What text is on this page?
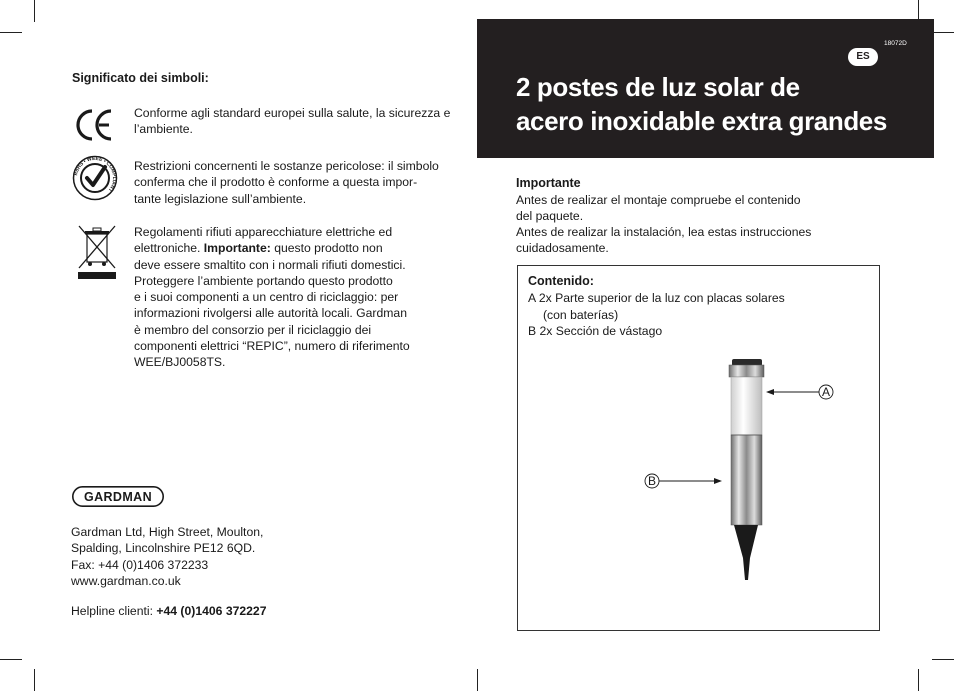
Significato dei simboli:
Conforme agli standard europei sulla salute, la sicurezza e l’ambiente.
RoHS • WEEE • COMPLIANT
Restrizioni concernenti le sostanze pericolose: il simbolo
conferma che il prodotto è conforme a questa impor-
tante legislazione sull’ambiente.
Regolamenti rifiuti apparecchiature elettriche ed
elettroniche. Importante: questo prodotto non
deve essere smaltito con i normali rifiuti domestici.
Proteggere l’ambiente portando questo prodotto
e i suoi componenti a un centro di riciclaggio: per
informazioni rivolgersi alle autorità locali. Gardman
è membro del consorzio per il riciclaggio dei
componenti elettrici “REPIC”, numero di riferimento
WEE/BJ0058TS.
GARDMAN
Gardman Ltd, High Street, Moulton,
Spalding, Lincolnshire PE12 6QD.
Fax: +44 (0)1406 372233
www.gardman.co.uk
Helpline clienti: +44 (0)1406 372227
18072D
ES
2 postes de luz solar de
acero inoxidable extra grandes
Importante
Antes de realizar el montaje compruebe el contenido
del paquete.
Antes de realizar la instalación, lea estas instrucciones
cuidadosamente.
Contenido:
A 2x Parte superior de la luz con placas solares
(con baterías)
B 2x Sección de vástago
A
B
